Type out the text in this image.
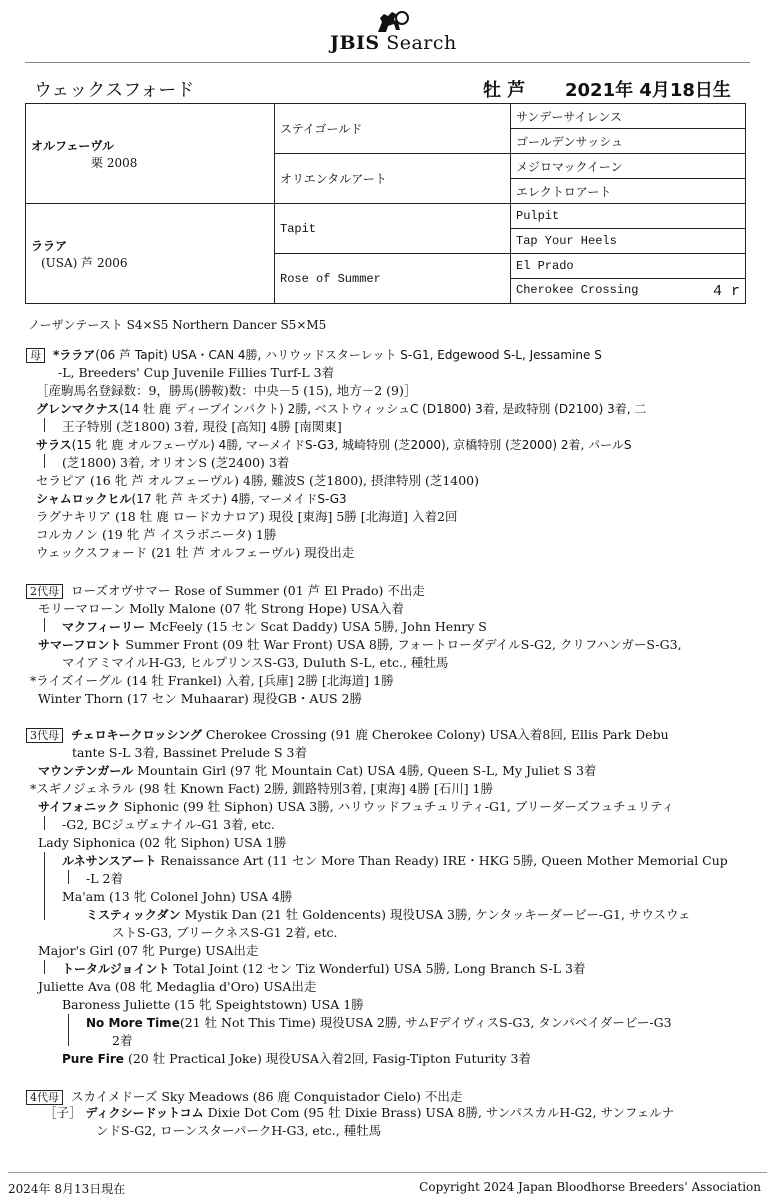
JBIS Search
ウェックスフォード	牡 芦 2021年 4月18日生
オルフェーヴル
栗 2008	ステイゴールド	サンデーサイレンス
		ゴールデンサッシュ
	オリエンタルアート	メジロマックイーン
		エレクトロアート

ララア
(USA) 芦 2006	Tapit	Pulpit
		Tap Your Heels
	Rose of Summer	El Prado
		Cherokee Crossing 4 r
ノーザンテースト S4×S5 Northern Dancer S5×M5
母 *ララア(06 芦 Tapit) USA・CAN 4勝, ハリウッドスターレット S-G1, Edgewood S-L, Jessamine S
-L, Breeders' Cup Juvenile Fillies Turf-L 3着
［産駒馬名登録数：9，勝馬(勝鞍)数：中央－5 (15), 地方－2 (9)］
グレンマクナス(14 牡 鹿 ディープインパクト) 2勝, ベストウィッシュC (D1800) 3着, 是政特別 (D2100) 3着, 二
王子特別 (芝1800) 3着, 現役 [高知] 4勝 [南関東]
サラス(15 牝 鹿 オルフェーヴル) 4勝, マーメイドS-G3, 城崎特別 (芝2000), 京橋特別 (芝2000) 2着, パールS
(芝1800) 3着, オリオンS (芝2400) 3着
セラピア (16 牝 芦 オルフェーヴル) 4勝, 難波S (芝1800), 摂津特別 (芝1400)
シャムロックヒル(17 牝 芦 キズナ) 4勝, マーメイドS-G3
ラグナキリア (18 牡 鹿 ロードカナロア) 現役 [東海] 5勝 [北海道] 入着2回
コルカノン (19 牝 芦 イスラボニータ) 1勝
ウェックスフォード (21 牡 芦 オルフェーヴル) 現役出走
2代母 ローズオヴサマー Rose of Summer (01 芦 El Prado) 不出走
モリーマローン Molly Malone (07 牝 Strong Hope) USA入着
マクフィーリー McFeely (15 セン Scat Daddy) USA 5勝, John Henry S
サマーフロント Summer Front (09 牡 War Front) USA 8勝, フォートローダデイルS-G2, クリフハンガーS-G3,
マイアミマイルH-G3, ヒルプリンスS-G3, Duluth S-L, etc., 種牡馬
*ライズイーグル (14 牡 Frankel) 入着, [兵庫] 2勝 [北海道] 1勝
Winter Thorn (17 セン Muhaarar) 現役GB・AUS 2勝
3代母 チェロキークロッシング Cherokee Crossing (91 鹿 Cherokee Colony) USA入着8回, Ellis Park Debu
tante S-L 3着, Bassinet Prelude S 3着
マウンテンガール Mountain Girl (97 牝 Mountain Cat) USA 4勝, Queen S-L, My Juliet S 3着
*スギノジェネラル (98 牡 Known Fact) 2勝, 釧路特別3着, [東海] 4勝 [石川] 1勝
サイフォニック Siphonic (99 牡 Siphon) USA 3勝, ハリウッドフュチュリティ-G1, ブリーダーズフュチュリティ
-G2, BCジュヴェナイル-G1 3着, etc.
Lady Siphonica (02 牝 Siphon) USA 1勝
ルネサンスアート Renaissance Art (11 セン More Than Ready) IRE・HKG 5勝, Queen Mother Memorial Cup
-L 2着
Ma'am (13 牝 Colonel John) USA 4勝
ミスティックダン Mystik Dan (21 牡 Goldencents) 現役USA 3勝, ケンタッキーダービー-G1, サウスウェ
ストS-G3, ブリークネスS-G1 2着, etc.
Major's Girl (07 牝 Purge) USA出走
トータルジョイント Total Joint (12 セン Tiz Wonderful) USA 5勝, Long Branch S-L 3着
Juliette Ava (08 牝 Medaglia d'Oro) USA出走
Baroness Juliette (15 牝 Speightstown) USA 1勝
No More Time(21 牡 Not This Time) 現役USA 2勝, サムFデイヴィスS-G3, タンパベイダービー-G3
2着
Pure Fire (20 牡 Practical Joke) 現役USA入着2回, Fasig-Tipton Futurity 3着
4代母 スカイメドーズ Sky Meadows (86 鹿 Conquistador Cielo) 不出走
［子］ ディクシードットコム Dixie Dot Com (95 牡 Dixie Brass) USA 8勝, サンパスカルH-G2, サンフェルナ
ンドS-G2, ローンスターパークH-G3, etc., 種牡馬
2024年 8月13日現在	Copyright 2024 Japan Bloodhorse Breeders' Association
